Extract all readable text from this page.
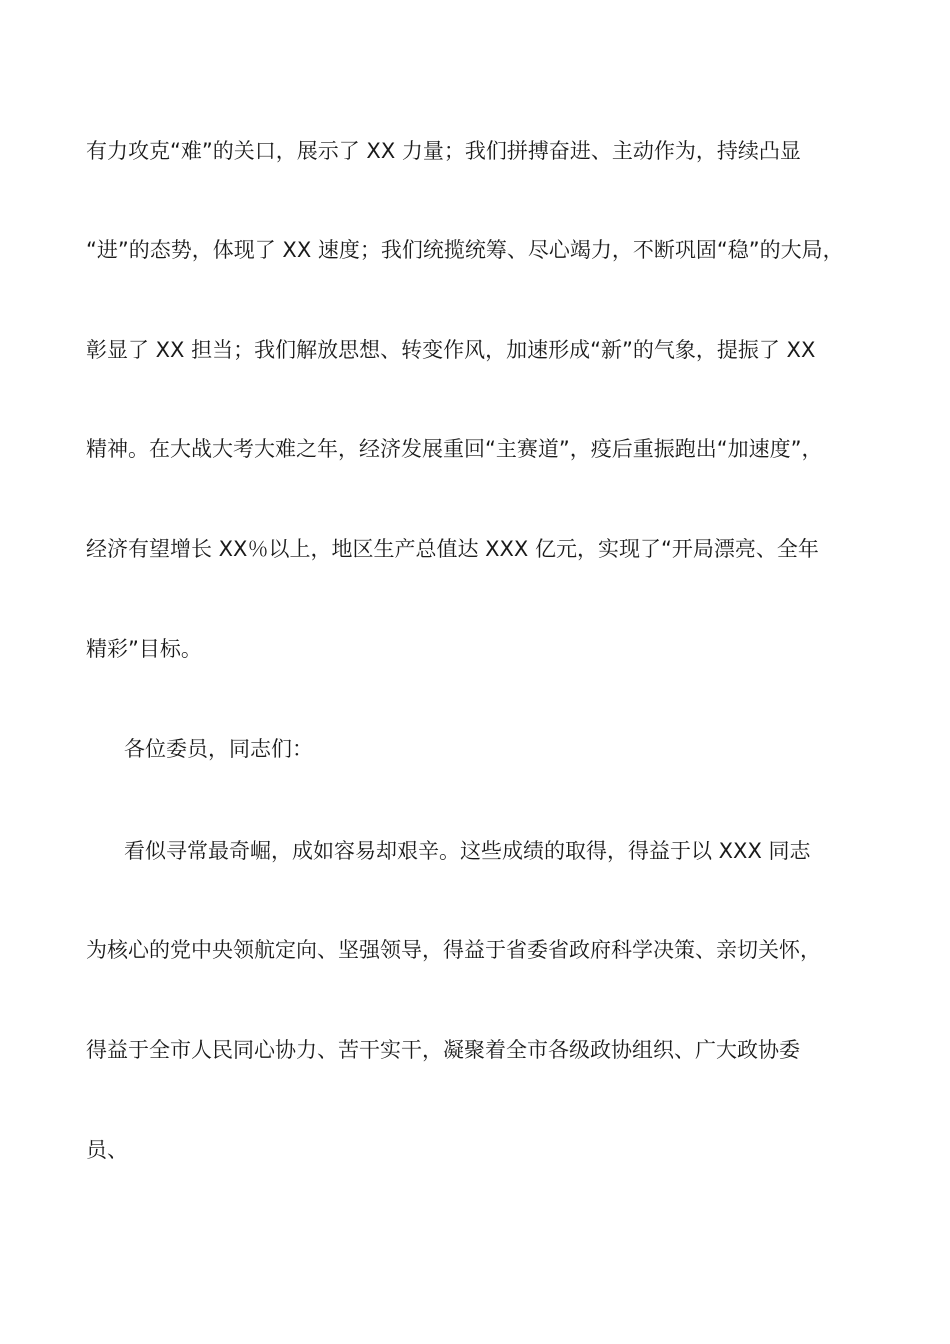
有力攻克“难”的关口，展示了 XX 力量；我们拼搏奋进、主动作为，持续凸显
“进”的态势，体现了 XX 速度；我们统揽统筹、尽心竭力，不断巩固“稳”的大局，
彰显了 XX 担当；我们解放思想、转变作风，加速形成“新”的气象，提振了 XX
精神。在大战大考大难之年，经济发展重回“主赛道”，疫后重振跑出“加速度”，
经济有望增长 XX％以上，地区生产总值达 XXX 亿元，实现了“开局漂亮、全年
精彩”目标。
各位委员，同志们：
看似寻常最奇崛，成如容易却艰辛。这些成绩的取得，得益于以 XXX 同志
为核心的党中央领航定向、坚强领导，得益于省委省政府科学决策、亲切关怀，
得益于全市人民同心协力、苦干实干，凝聚着全市各级政协组织、广大政协委
员、
